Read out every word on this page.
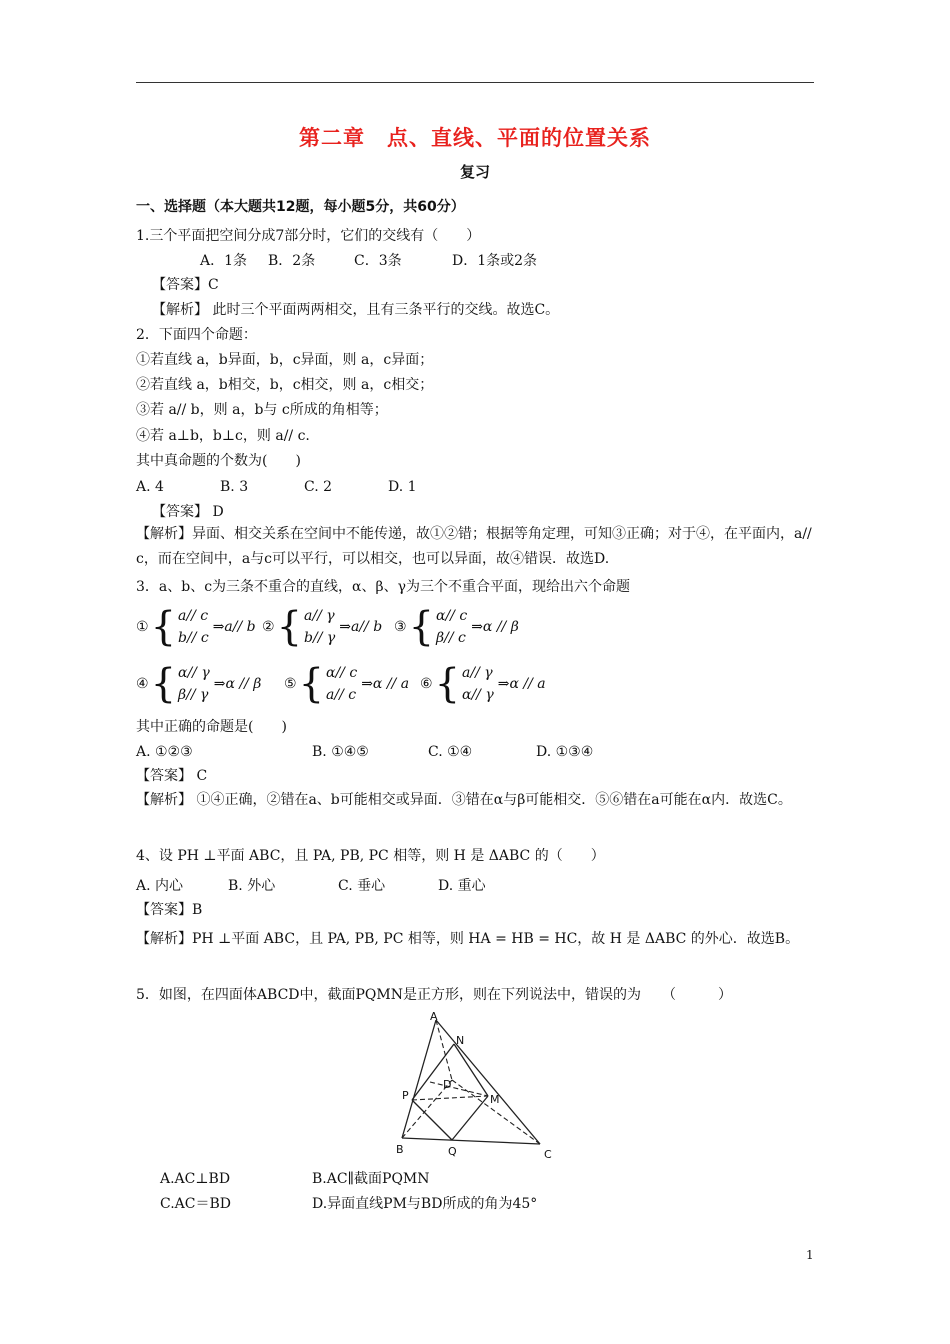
第二章　点、直线、平面的位置关系
复习
一、选择题（本大题共12题，每小题5分，共60分）
1.三个平面把空间分成7部分时，它们的交线有（　　）
A．1条 B．2条	C．3条	D．1条或2条
【答案】C
【解析】 此时三个平面两两相交，且有三条平行的交线。故选C。
2．下面四个命题：
①若直线 a，b异面，b，c异面，则 a，c异面；
②若直线 a，b相交，b，c相交，则 a，c相交；
③若 a// b，则 a，b与 c所成的角相等；
④若 a⊥b，b⊥c，则 a// c.
其中真命题的个数为(　　)
A. 4	B. 3	C. 2	D. 1
【答案】 D
【解析】异面、相交关系在空间中不能传递，故①②错；根据等角定理，可知③正确；对于④，在平面内，a// c，而在空间中，a与c可以平行，可以相交，也可以异面，故④错误．故选D.
3．a、b、c为三条不重合的直线，α、β、γ为三个不重合平面，现给出六个命题
① { a// c
b// c
⇒a// b ② { a// γ
b// γ
⇒a// b ③ { α// c
β// c
⇒α // β
④ { α// γ
β// γ
⇒α // β ⑤ { α// c
a// c
⇒α // a ⑥ { a// γ
α// γ
⇒α // a
其中正确的命题是(　　)
A. ①②③	B. ①④⑤	C. ①④	D. ①③④
【答案】 C
【解析】 ①④正确，②错在a、b可能相交或异面．③错在α与β可能相交．⑤⑥错在a可能在α内．故选C。
4、设 PH ⊥平面 ABC，且 PA, PB, PC 相等，则 H 是 ΔABC 的（　　）
A. 内心	B. 外心	C. 垂心	D. 重心
【答案】B
【解析】PH ⊥平面 ABC，且 PA, PB, PC 相等，则 HA = HB = HC，故 H 是 ΔABC 的外心．故选B。
5．如图，在四面体ABCD中，截面PQMN是正方形，则在下列说法中，错误的为　　（　　　）
A
N
D
P	M
B	Q	C
A.AC⊥BD	B.AC∥截面PQMN
C.AC＝BD	D.异面直线PM与BD所成的角为45°
1
